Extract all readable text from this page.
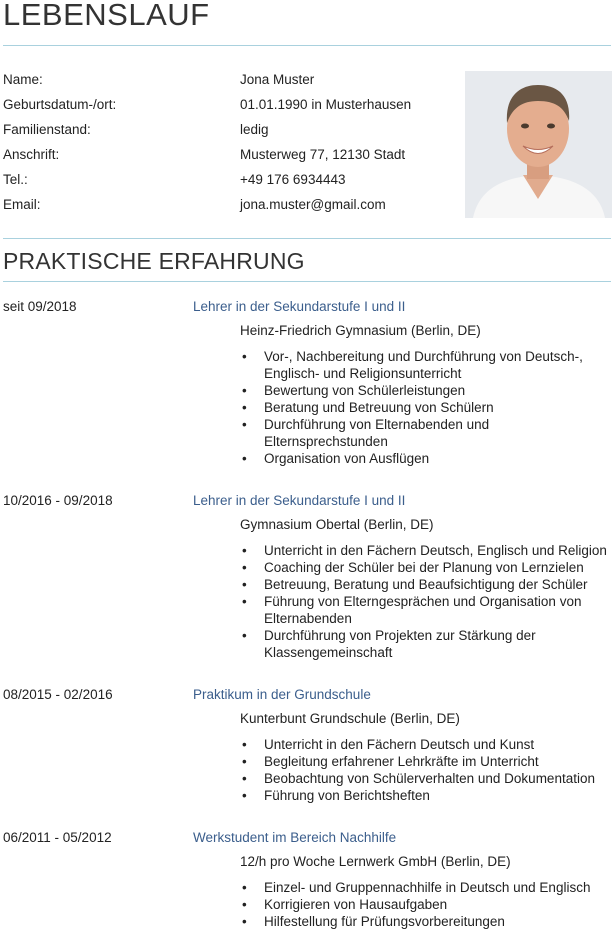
LEBENSLAUF
Name:	Jona Muster
Geburtsdatum-/ort:	01.01.1990 in Musterhausen
Familienstand:	ledig
Anschrift:	Musterweg 77, 12130 Stadt
Tel.:	+49 176 6934443
Email:	jona.muster@gmail.com
PRAKTISCHE ERFAHRUNG
seit 09/2018	Lehrer in der Sekundarstufe I und II
Heinz-Friedrich Gymnasium (Berlin, DE)
• Vor-, Nachbereitung und Durchführung von Deutsch-, Englisch- und Religionsunterricht
• Bewertung von Schülerleistungen
• Beratung und Betreuung von Schülern
• Durchführung von Elternabenden und Elternsprechstunden
• Organisation von Ausflügen
10/2016 - 09/2018	Lehrer in der Sekundarstufe I und II
Gymnasium Obertal (Berlin, DE)
• Unterricht in den Fächern Deutsch, Englisch und Religion
• Coaching der Schüler bei der Planung von Lernzielen
• Betreuung, Beratung und Beaufsichtigung der Schüler
• Führung von Elterngesprächen und Organisation von Elternabenden
• Durchführung von Projekten zur Stärkung der Klassengemeinschaft
08/2015 - 02/2016	Praktikum in der Grundschule
Kunterbunt Grundschule (Berlin, DE)
• Unterricht in den Fächern Deutsch und Kunst
• Begleitung erfahrener Lehrkräfte im Unterricht
• Beobachtung von Schülerverhalten und Dokumentation
• Führung von Berichtsheften
06/2011 - 05/2012	Werkstudent im Bereich Nachhilfe
12/h pro Woche Lernwerk GmbH (Berlin, DE)
• Einzel- und Gruppennachhilfe in Deutsch und Englisch
• Korrigieren von Hausaufgaben
• Hilfestellung für Prüfungsvorbereitungen
